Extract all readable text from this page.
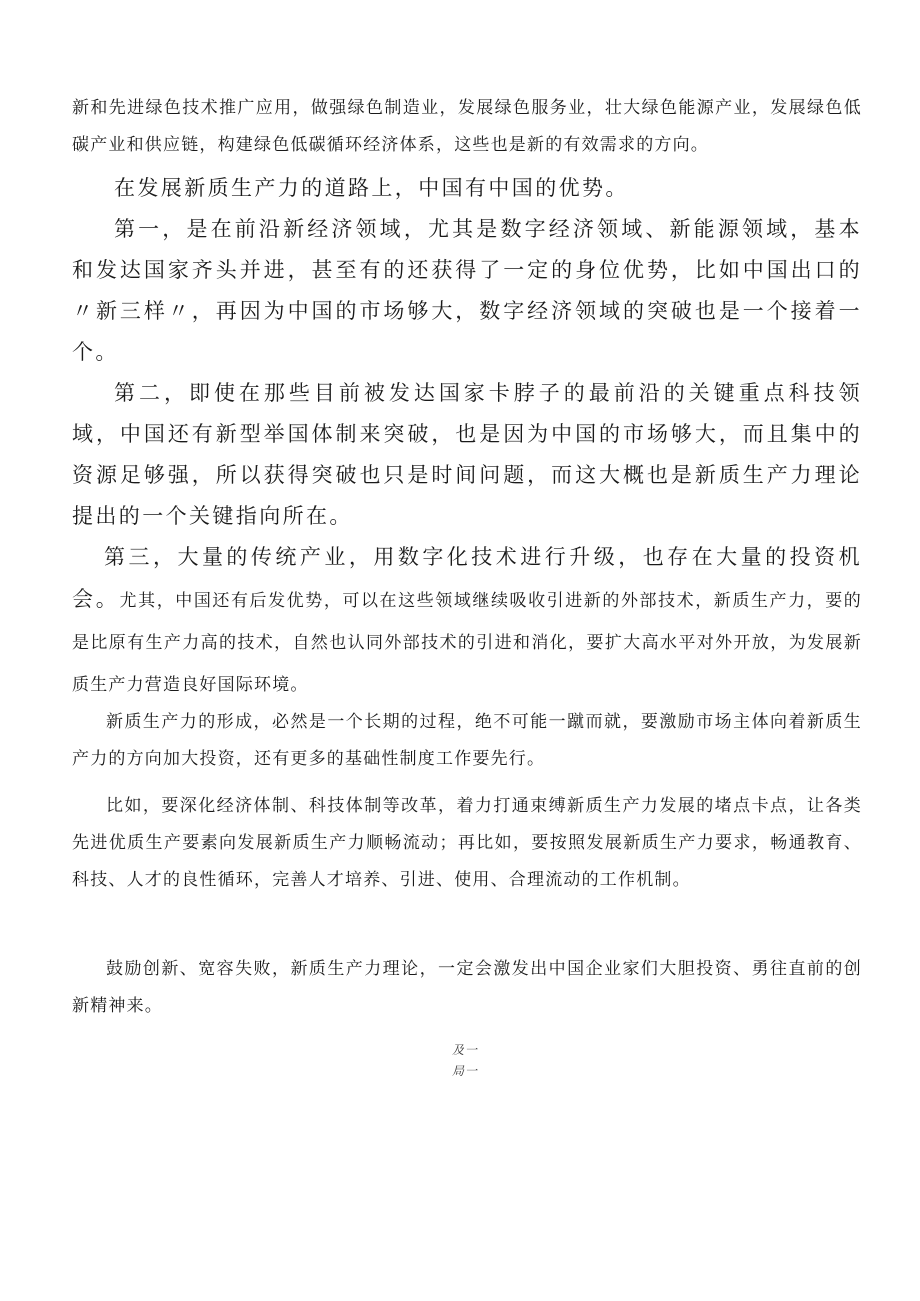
新和先进绿色技术推广应用，做强绿色制造业，发展绿色服务业，壮大绿色能源产业，发展绿色低碳产业和供应链，构建绿色低碳循环经济体系，这些也是新的有效需求的方向。

在发展新质生产力的道路上，中国有中国的优势。

第一，是在前沿新经济领域，尤其是数字经济领域、新能源领域，基本和发达国家齐头并进，甚至有的还获得了一定的身位优势，比如中国出口的〃新三样〃，再因为中国的市场够大，数字经济领域的突破也是一个接着一个。

第二，即使在那些目前被发达国家卡脖子的最前沿的关键重点科技领域，中国还有新型举国体制来突破，也是因为中国的市场够大，而且集中的资源足够强，所以获得突破也只是时间问题，而这大概也是新质生产力理论提出的一个关键指向所在。

第三，大量的传统产业，用数字化技术进行升级，也存在大量的投资机会。尤其，中国还有后发优势，可以在这些领域继续吸收引进新的外部技术，新质生产力，要的是比原有生产力高的技术，自然也认同外部技术的引进和消化，要扩大高水平对外开放，为发展新质生产力营造良好国际环境。

新质生产力的形成，必然是一个长期的过程，绝不可能一蹴而就，要激励市场主体向着新质生产力的方向加大投资，还有更多的基础性制度工作要先行。

比如，要深化经济体制、科技体制等改革，着力打通束缚新质生产力发展的堵点卡点，让各类先进优质生产要素向发展新质生产力顺畅流动；再比如，要按照发展新质生产力要求，畅通教育、科技、人才的良性循环，完善人才培养、引进、使用、合理流动的工作机制。

鼓励创新、宽容失败，新质生产力理论，一定会激发出中国企业家们大胆投资、勇往直前的创新精神来。

及一
局一
